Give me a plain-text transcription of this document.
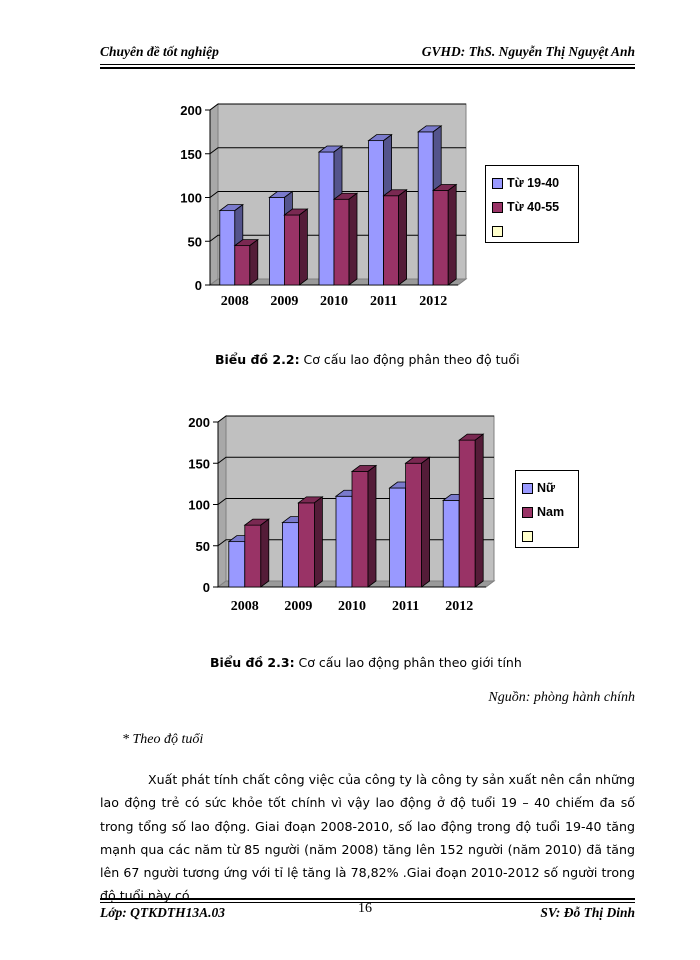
Chuyên đề tốt nghiệp	GVHD: ThS. Nguyễn Thị Nguyệt Anh
0
50
100
150
200
2008 2009 2010 2011 2012
Từ 19-40
Từ 40-55
Biểu đồ 2.2: Cơ cấu lao động phân theo độ tuổi
0
50
100
150
200
2008 2009 2010 2011 2012
Nữ
Nam
Biểu đồ 2.3: Cơ cấu lao động phân theo giới tính
Nguồn: phòng hành chính
* Theo độ tuổi
Xuất phát tính chất công việc của công ty là công ty sản xuất nên cần những lao động trẻ có sức khỏe tốt chính vì vậy lao động ở độ tuổi 19 – 40 chiếm đa số trong tổng số lao động. Giai đoạn 2008-2010, số lao động trong độ tuổi 19-40 tăng mạnh qua các năm từ 85 người (năm 2008) tăng lên 152 người (năm 2010) đã tăng lên 67 người tương ứng với tỉ lệ tăng là 78,82% .Giai đoạn 2010-2012 số người trong độ tuổi này có
Lớp: QTKDTH13A.03	16	SV: Đỗ Thị Dinh
